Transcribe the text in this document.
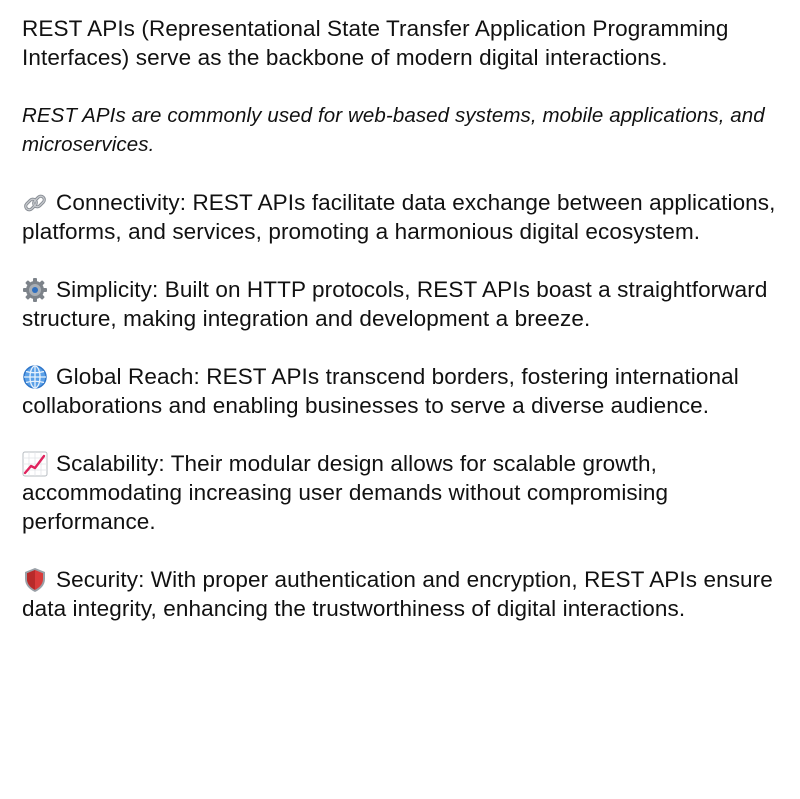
REST APIs (Representational State Transfer Application Programming Interfaces) serve as the backbone of modern digital interactions.

REST APIs are commonly used for web-based systems, mobile applications, and microservices.

Connectivity: REST APIs facilitate data exchange between applications, platforms, and services, promoting a harmonious digital ecosystem.

Simplicity: Built on HTTP protocols, REST APIs boast a straightforward structure, making integration and development a breeze.

Global Reach: REST APIs transcend borders, fostering international collaborations and enabling businesses to serve a diverse audience.

Scalability: Their modular design allows for scalable growth, accommodating increasing user demands without compromising performance.

Security: With proper authentication and encryption, REST APIs ensure data integrity, enhancing the trustworthiness of digital interactions.
